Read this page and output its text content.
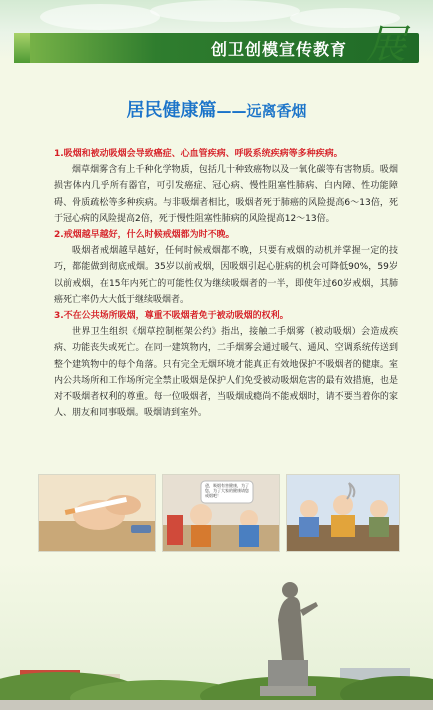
创卫创模宣传教育 展
居民健康篇——远离香烟

1.吸烟和被动吸烟会导致癌症、心血管疾病、呼吸系统疾病等多种疾病。

烟草烟雾含有上千种化学物质，包括几十种致癌物以及一氧化碳等有害物质。吸烟损害体内几乎所有器官，可引发癌症、冠心病、慢性阻塞性肺病、白内障、性功能障碍、骨质疏松等多种疾病。与非吸烟者相比，吸烟者死于肺癌的风险提高6～13倍，死于冠心病的风险提高2倍，死于慢性阻塞性肺病的风险提高12～13倍。

2.戒烟越早越好，什么时候戒烟都为时不晚。

吸烟者戒烟越早越好，任何时候戒烟都不晚，只要有戒烟的动机并掌握一定的技巧，都能做到彻底戒烟。35岁以前戒烟，因吸烟引起心脏病的机会可降低90%，59岁以前戒烟，在15年内死亡的可能性仅为继续吸烟者的一半，即使年过60岁戒烟，其肺癌死亡率仍大大低于继续吸烟者。

3.不在公共场所吸烟，尊重不吸烟者免于被动吸烟的权利。

世界卫生组织《烟草控制框架公约》指出，接触二手烟雾（被动吸烟）会造成疾病、功能丧失或死亡。在同一建筑物内，二手烟雾会通过暖气、通风、空调系统传送到整个建筑物中的每个角落。只有完全无烟环境才能真正有效地保护不吸烟者的健康。室内公共场所和工作场所完全禁止吸烟是保护人们免受被动吸烟危害的最有效措施，也是对不吸烟者权利的尊重。每一位吸烟者，当吸烟成瘾尚不能戒烟时，请不要当着你的家人、朋友和同事吸烟。吸烟请到室外。

爸，吸烟有害健康，为了您，为了大家的健康请您戒烟吧！
